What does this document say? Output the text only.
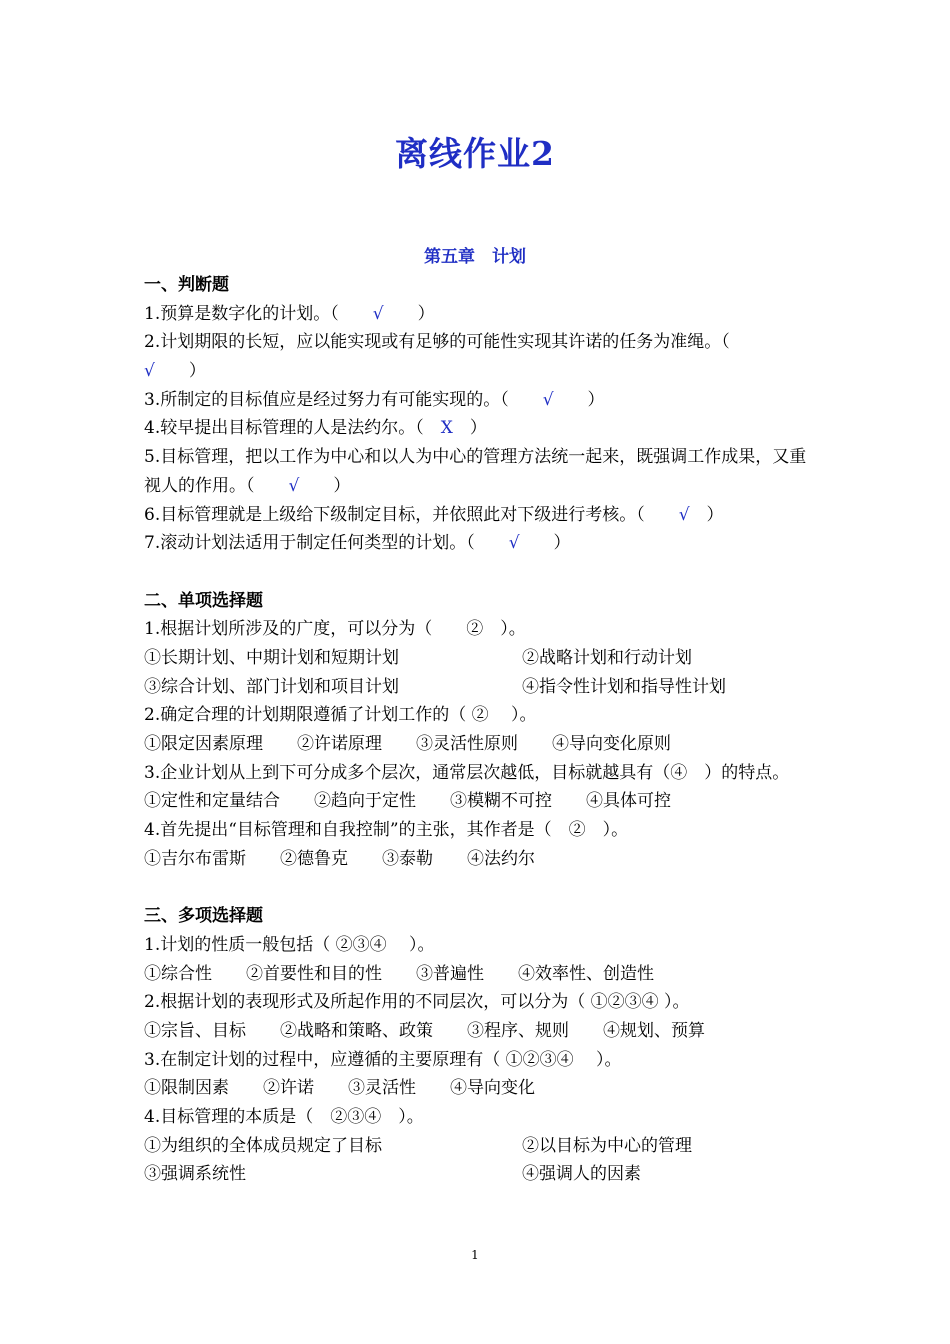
离线作业2
第五章　计划
一、判断题
1.预算是数字化的计划。（　　√　　）
2.计划期限的长短，应以能实现或有足够的可能性实现其许诺的任务为准绳。（
√　　）
3.所制定的目标值应是经过努力有可能实现的。（　　√　　）
4.较早提出目标管理的人是法约尔。（　X　）
5.目标管理，把以工作为中心和以人为中心的管理方法统一起来，既强调工作成果，又重视人的作用。（　　√　　）
6.目标管理就是上级给下级制定目标，并依照此对下级进行考核。（　　√　）
7.滚动计划法适用于制定任何类型的计划。（　　√　　）
二、单项选择题
1.根据计划所涉及的广度，可以分为（　　②　）。
①长期计划、中期计划和短期计划	②战略计划和行动计划
③综合计划、部门计划和项目计划	④指令性计划和指导性计划
2.确定合理的计划期限遵循了计划工作的（ ②　 ）。
①限定因素原理　　②许诺原理　　③灵活性原则　　④导向变化原则
3.企业计划从上到下可分成多个层次，通常层次越低，目标就越具有（④　）的特点。
①定性和定量结合　　②趋向于定性　　③模糊不可控　　④具体可控
4.首先提出“目标管理和自我控制”的主张，其作者是（　②　）。
①吉尔布雷斯　　②德鲁克　　③泰勒　　④法约尔
三、多项选择题
1.计划的性质一般包括（ ②③④　 ）。
①综合性　　②首要性和目的性　　③普遍性　　④效率性、创造性
2.根据计划的表现形式及所起作用的不同层次，可以分为（ ①②③④ ）。
①宗旨、目标　　②战略和策略、政策　　③程序、规则　　④规划、预算
3.在制定计划的过程中，应遵循的主要原理有（ ①②③④　 ）。
①限制因素　　②许诺　　③灵活性　　④导向变化
4.目标管理的本质是（　②③④　）。
①为组织的全体成员规定了目标	②以目标为中心的管理
③强调系统性	④强调人的因素
1
